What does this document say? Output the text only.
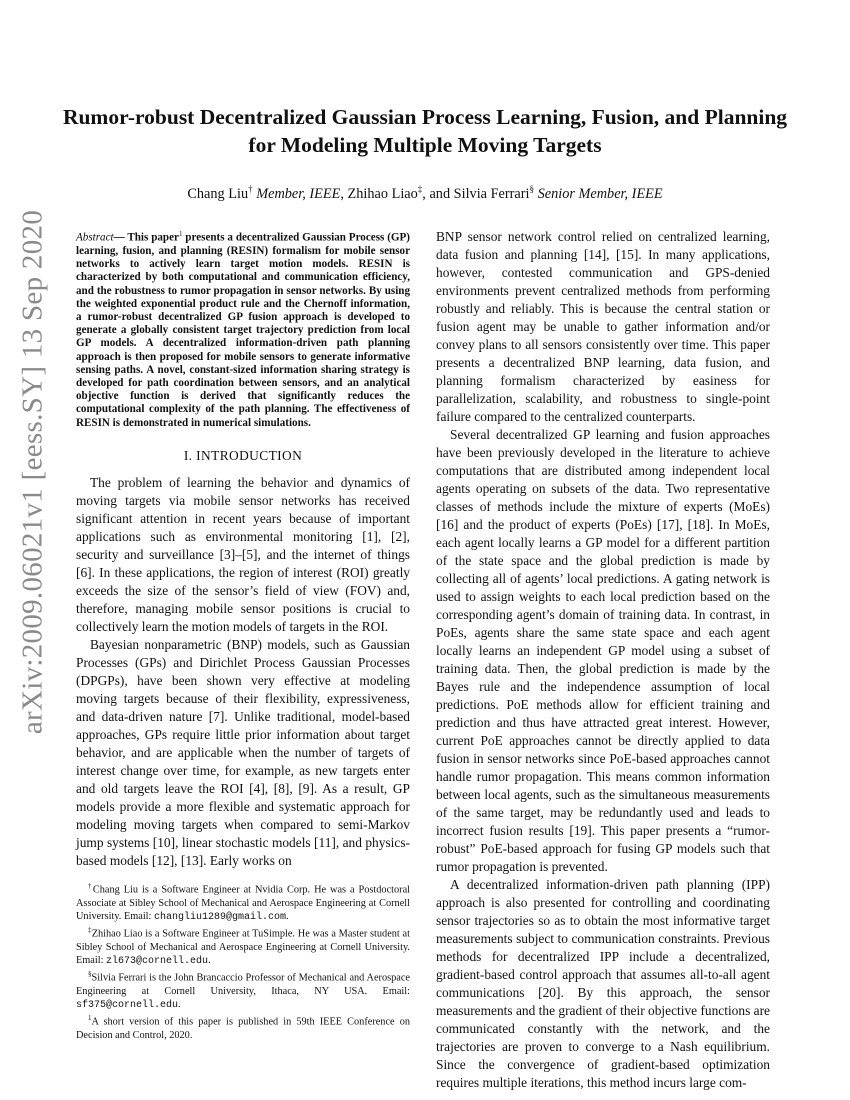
arXiv:2009.06021v1 [eess.SY] 13 Sep 2020
Rumor-robust Decentralized Gaussian Process Learning, Fusion, and Planning for Modeling Multiple Moving Targets
Chang Liu† Member, IEEE, Zhihao Liao‡, and Silvia Ferrari§ Senior Member, IEEE

Abstract— This paper$^1$ presents a decentralized Gaussian Process (GP) learning, fusion, and planning (RESIN) formalism for mobile sensor networks to actively learn target motion models. RESIN is characterized by both computational and communication efficiency, and the robustness to rumor propagation in sensor networks. By using the weighted exponential product rule and the Chernoff information, a rumor-robust decentralized GP fusion approach is developed to generate a globally consistent target trajectory prediction from local GP models. A decentralized information-driven path planning approach is then proposed for mobile sensors to generate informative sensing paths. A novel, constant-sized information sharing strategy is developed for path coordination between sensors, and an analytical objective function is derived that significantly reduces the computational complexity of the path planning. The effectiveness of RESIN is demonstrated in numerical simulations.

I. INTRODUCTION

The problem of learning the behavior and dynamics of moving targets via mobile sensor networks has received significant attention in recent years because of important applications such as environmental monitoring [1], [2], security and surveillance [3]–[5], and the internet of things [6]. In these applications, the region of interest (ROI) greatly exceeds the size of the sensor’s field of view (FOV) and, therefore, managing mobile sensor positions is crucial to collectively learn the motion models of targets in the ROI.

Bayesian nonparametric (BNP) models, such as Gaussian Processes (GPs) and Dirichlet Process Gaussian Processes (DPGPs), have been shown very effective at modeling moving targets because of their flexibility, expressiveness, and data-driven nature [7]. Unlike traditional, model-based approaches, GPs require little prior information about target behavior, and are applicable when the number of targets of interest change over time, for example, as new targets enter and old targets leave the ROI [4], [8], [9]. As a result, GP models provide a more flexible and systematic approach for modeling moving targets when compared to semi-Markov jump systems [10], linear stochastic models [11], and physics-based models [12], [13]. Early works on

†Chang Liu is a Software Engineer at Nvidia Corp. He was a Postdoctoral Associate at Sibley School of Mechanical and Aerospace Engineering at Cornell University. Email: changliu1289@gmail.com.

‡Zhihao Liao is a Software Engineer at TuSimple. He was a Master student at Sibley School of Mechanical and Aerospace Engineering at Cornell University. Email: zl673@cornell.edu.

§Silvia Ferrari is the John Brancaccio Professor of Mechanical and Aerospace Engineering at Cornell University, Ithaca, NY USA. Email: sf375@cornell.edu.

$^1$A short version of this paper is published in 59th IEEE Conference on Decision and Control, 2020.

BNP sensor network control relied on centralized learning, data fusion and planning [14], [15]. In many applications, however, contested communication and GPS-denied environments prevent centralized methods from performing robustly and reliably. This is because the central station or fusion agent may be unable to gather information and/or convey plans to all sensors consistently over time. This paper presents a decentralized BNP learning, data fusion, and planning formalism characterized by easiness for parallelization, scalability, and robustness to single-point failure compared to the centralized counterparts.

Several decentralized GP learning and fusion approaches have been previously developed in the literature to achieve computations that are distributed among independent local agents operating on subsets of the data. Two representative classes of methods include the mixture of experts (MoEs) [16] and the product of experts (PoEs) [17], [18]. In MoEs, each agent locally learns a GP model for a different partition of the state space and the global prediction is made by collecting all of agents’ local predictions. A gating network is used to assign weights to each local prediction based on the corresponding agent’s domain of training data. In contrast, in PoEs, agents share the same state space and each agent locally learns an independent GP model using a subset of training data. Then, the global prediction is made by the Bayes rule and the independence assumption of local predictions. PoE methods allow for efficient training and prediction and thus have attracted great interest. However, current PoE approaches cannot be directly applied to data fusion in sensor networks since PoE-based approaches cannot handle rumor propagation. This means common information between local agents, such as the simultaneous measurements of the same target, may be redundantly used and leads to incorrect fusion results [19]. This paper presents a “rumor-robust” PoE-based approach for fusing GP models such that rumor propagation is prevented.

A decentralized information-driven path planning (IPP) approach is also presented for controlling and coordinating sensor trajectories so as to obtain the most informative target measurements subject to communication constraints. Previous methods for decentralized IPP include a decentralized, gradient-based control approach that assumes all-to-all agent communications [20]. By this approach, the sensor measurements and the gradient of their objective functions are communicated constantly with the network, and the trajectories are proven to converge to a Nash equilibrium. Since the convergence of gradient-based optimization requires multiple iterations, this method incurs large com-
